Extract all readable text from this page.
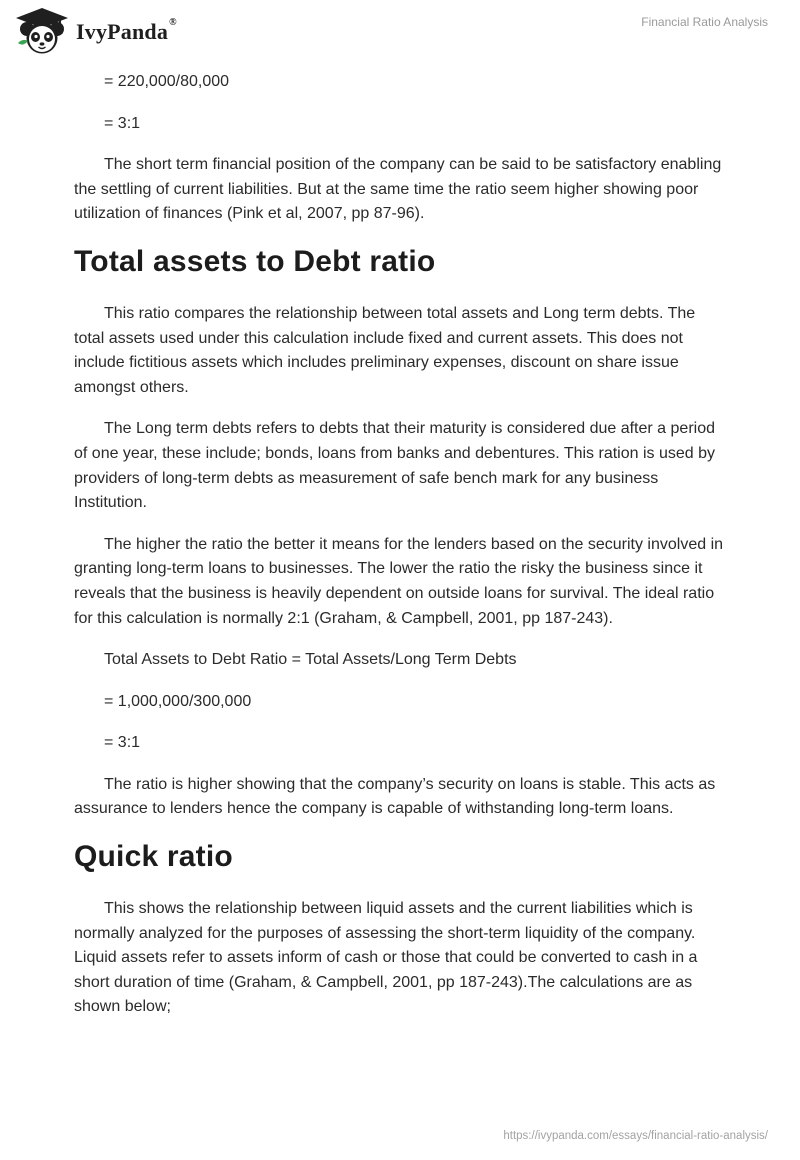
IvyPanda®	Financial Ratio Analysis

= 220,000/80,000

= 3:1

The short term financial position of the company can be said to be satisfactory enabling the settling of current liabilities. But at the same time the ratio seem higher showing poor utilization of finances (Pink et al, 2007, pp 87-96).

Total assets to Debt ratio

This ratio compares the relationship between total assets and Long term debts. The total assets used under this calculation include fixed and current assets. This does not include fictitious assets which includes preliminary expenses, discount on share issue amongst others.

The Long term debts refers to debts that their maturity is considered due after a period of one year, these include; bonds, loans from banks and debentures. This ration is used by providers of long-term debts as measurement of safe bench mark for any business Institution.

The higher the ratio the better it means for the lenders based on the security involved in granting long-term loans to businesses. The lower the ratio the risky the business since it reveals that the business is heavily dependent on outside loans for survival. The ideal ratio for this calculation is normally 2:1 (Graham, & Campbell, 2001, pp 187-243).

Total Assets to Debt Ratio = Total Assets/Long Term Debts

= 1,000,000/300,000

= 3:1

The ratio is higher showing that the company’s security on loans is stable. This acts as assurance to lenders hence the company is capable of withstanding long-term loans.

Quick ratio

This shows the relationship between liquid assets and the current liabilities which is normally analyzed for the purposes of assessing the short-term liquidity of the company. Liquid assets refer to assets inform of cash or those that could be converted to cash in a short duration of time (Graham, & Campbell, 2001, pp 187-243).The calculations are as shown below;

https://ivypanda.com/essays/financial-ratio-analysis/
